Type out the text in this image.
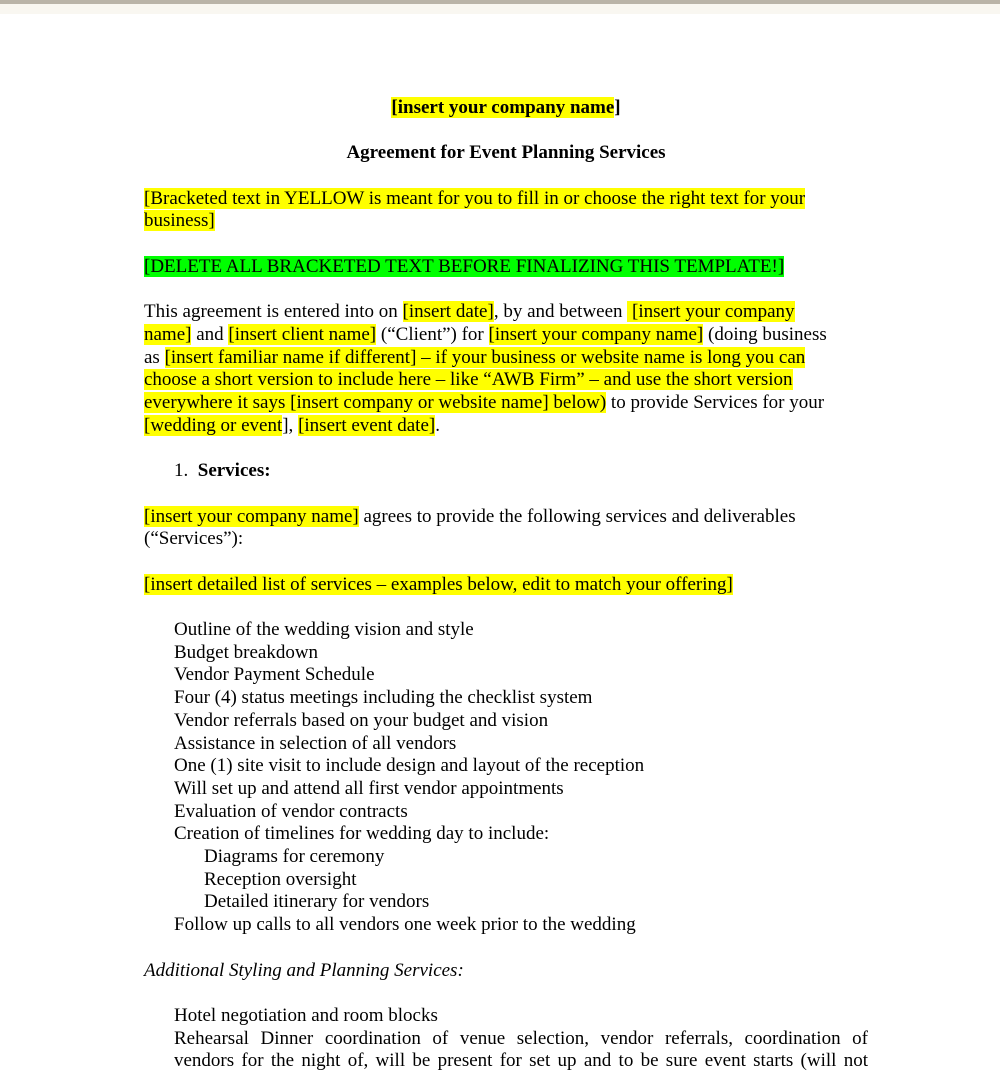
[insert your company name]
Agreement for Event Planning Services
[Bracketed text in YELLOW is meant for you to fill in or choose the right text for your
business]
[DELETE ALL BRACKETED TEXT BEFORE FINALIZING THIS TEMPLATE!]
This agreement is entered into on [insert date], by and between  [insert your company
name] and [insert client name] (“Client”) for [insert your company name] (doing business
as [insert familiar name if different] – if your business or website name is long you can
choose a short version to include here – like “AWB Firm” – and use the short version
everywhere it says [insert company or website name] below) to provide Services for your
[wedding or event], [insert event date].
1.  Services:
[insert your company name] agrees to provide the following services and deliverables
(“Services”):
[insert detailed list of services – examples below, edit to match your offering]
Outline of the wedding vision and style
Budget breakdown
Vendor Payment Schedule
Four (4) status meetings including the checklist system
Vendor referrals based on your budget and vision
Assistance in selection of all vendors
One (1) site visit to include design and layout of the reception
Will set up and attend all first vendor appointments
Evaluation of vendor contracts
Creation of timelines for wedding day to include:
Diagrams for ceremony
Reception oversight
Detailed itinerary for vendors
Follow up calls to all vendors one week prior to the wedding
Additional Styling and Planning Services:
Hotel negotiation and room blocks
Rehearsal Dinner coordination of venue selection, vendor referrals, coordination of
vendors for the night of, will be present for set up and to be sure event starts (will not
